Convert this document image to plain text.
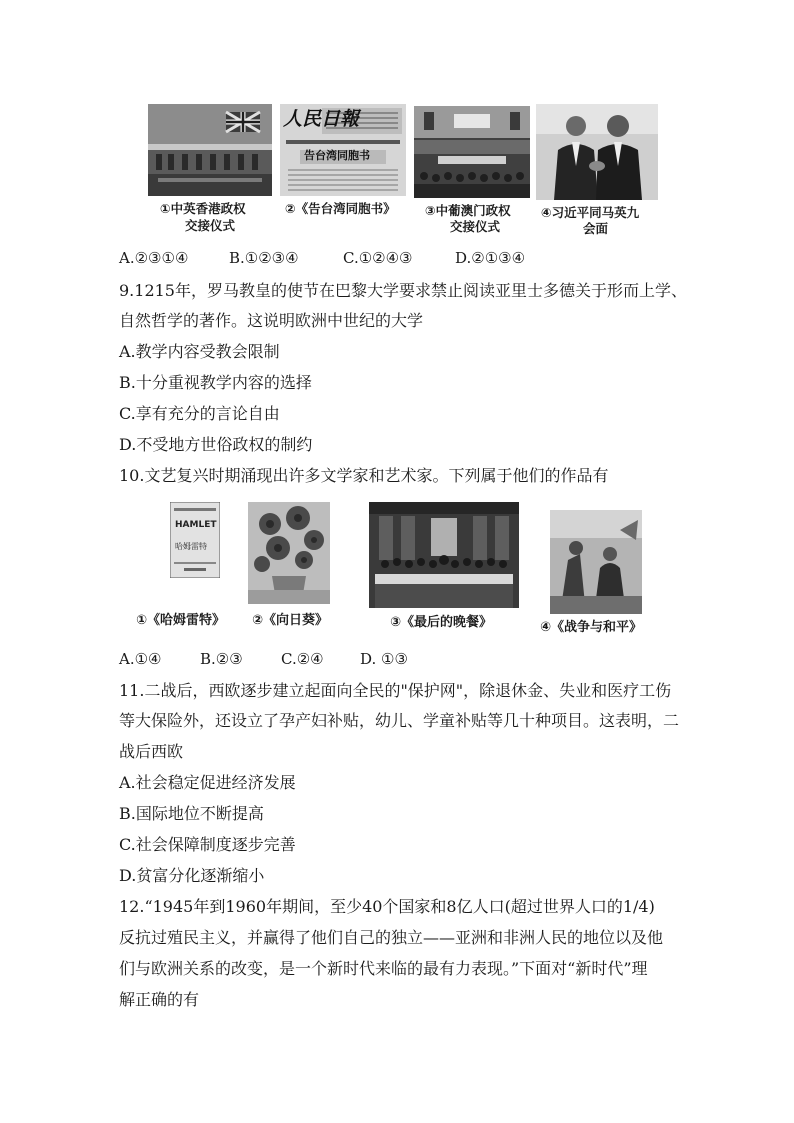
人民日報
告台湾同胞书
①中英香港政权
交接仪式
②《告台湾同胞书》 ③中葡澳门政权
交接仪式
④习近平同马英九
会面
A.②③①④	B.①②③④	C.①②④③	D.②①③④
9.1215年，罗马教皇的使节在巴黎大学要求禁止阅读亚里士多德关于形而上学、
自然哲学的著作。这说明欧洲中世纪的大学
A.教学内容受教会限制
B.十分重视教学内容的选择
C.享有充分的言论自由
D.不受地方世俗政权的制约
10.文艺复兴时期涌现出许多文学家和艺术家。下列属于他们的作品有
HAMLET
哈姆雷特
①《哈姆雷特》 ②《向日葵》	③《最后的晚餐》	④《战争与和平》
A.①④	B.②③	C.②④ D. ①③
11.二战后，西欧逐步建立起面向全民的"保护网"，除退休金、失业和医疗工伤
等大保险外，还设立了孕产妇补贴，幼儿、学童补贴等几十种项目。这表明，二
战后西欧
A.社会稳定促进经济发展
B.国际地位不断提高
C.社会保障制度逐步完善
D.贫富分化逐渐缩小
12.“1945年到1960年期间，至少40个国家和8亿人口(超过世界人口的1/4)
反抗过殖民主义，并赢得了他们自己的独立——亚洲和非洲人民的地位以及他
们与欧洲关系的改变，是一个新时代来临的最有力表现。”下面对“新时代”理
解正确的有
